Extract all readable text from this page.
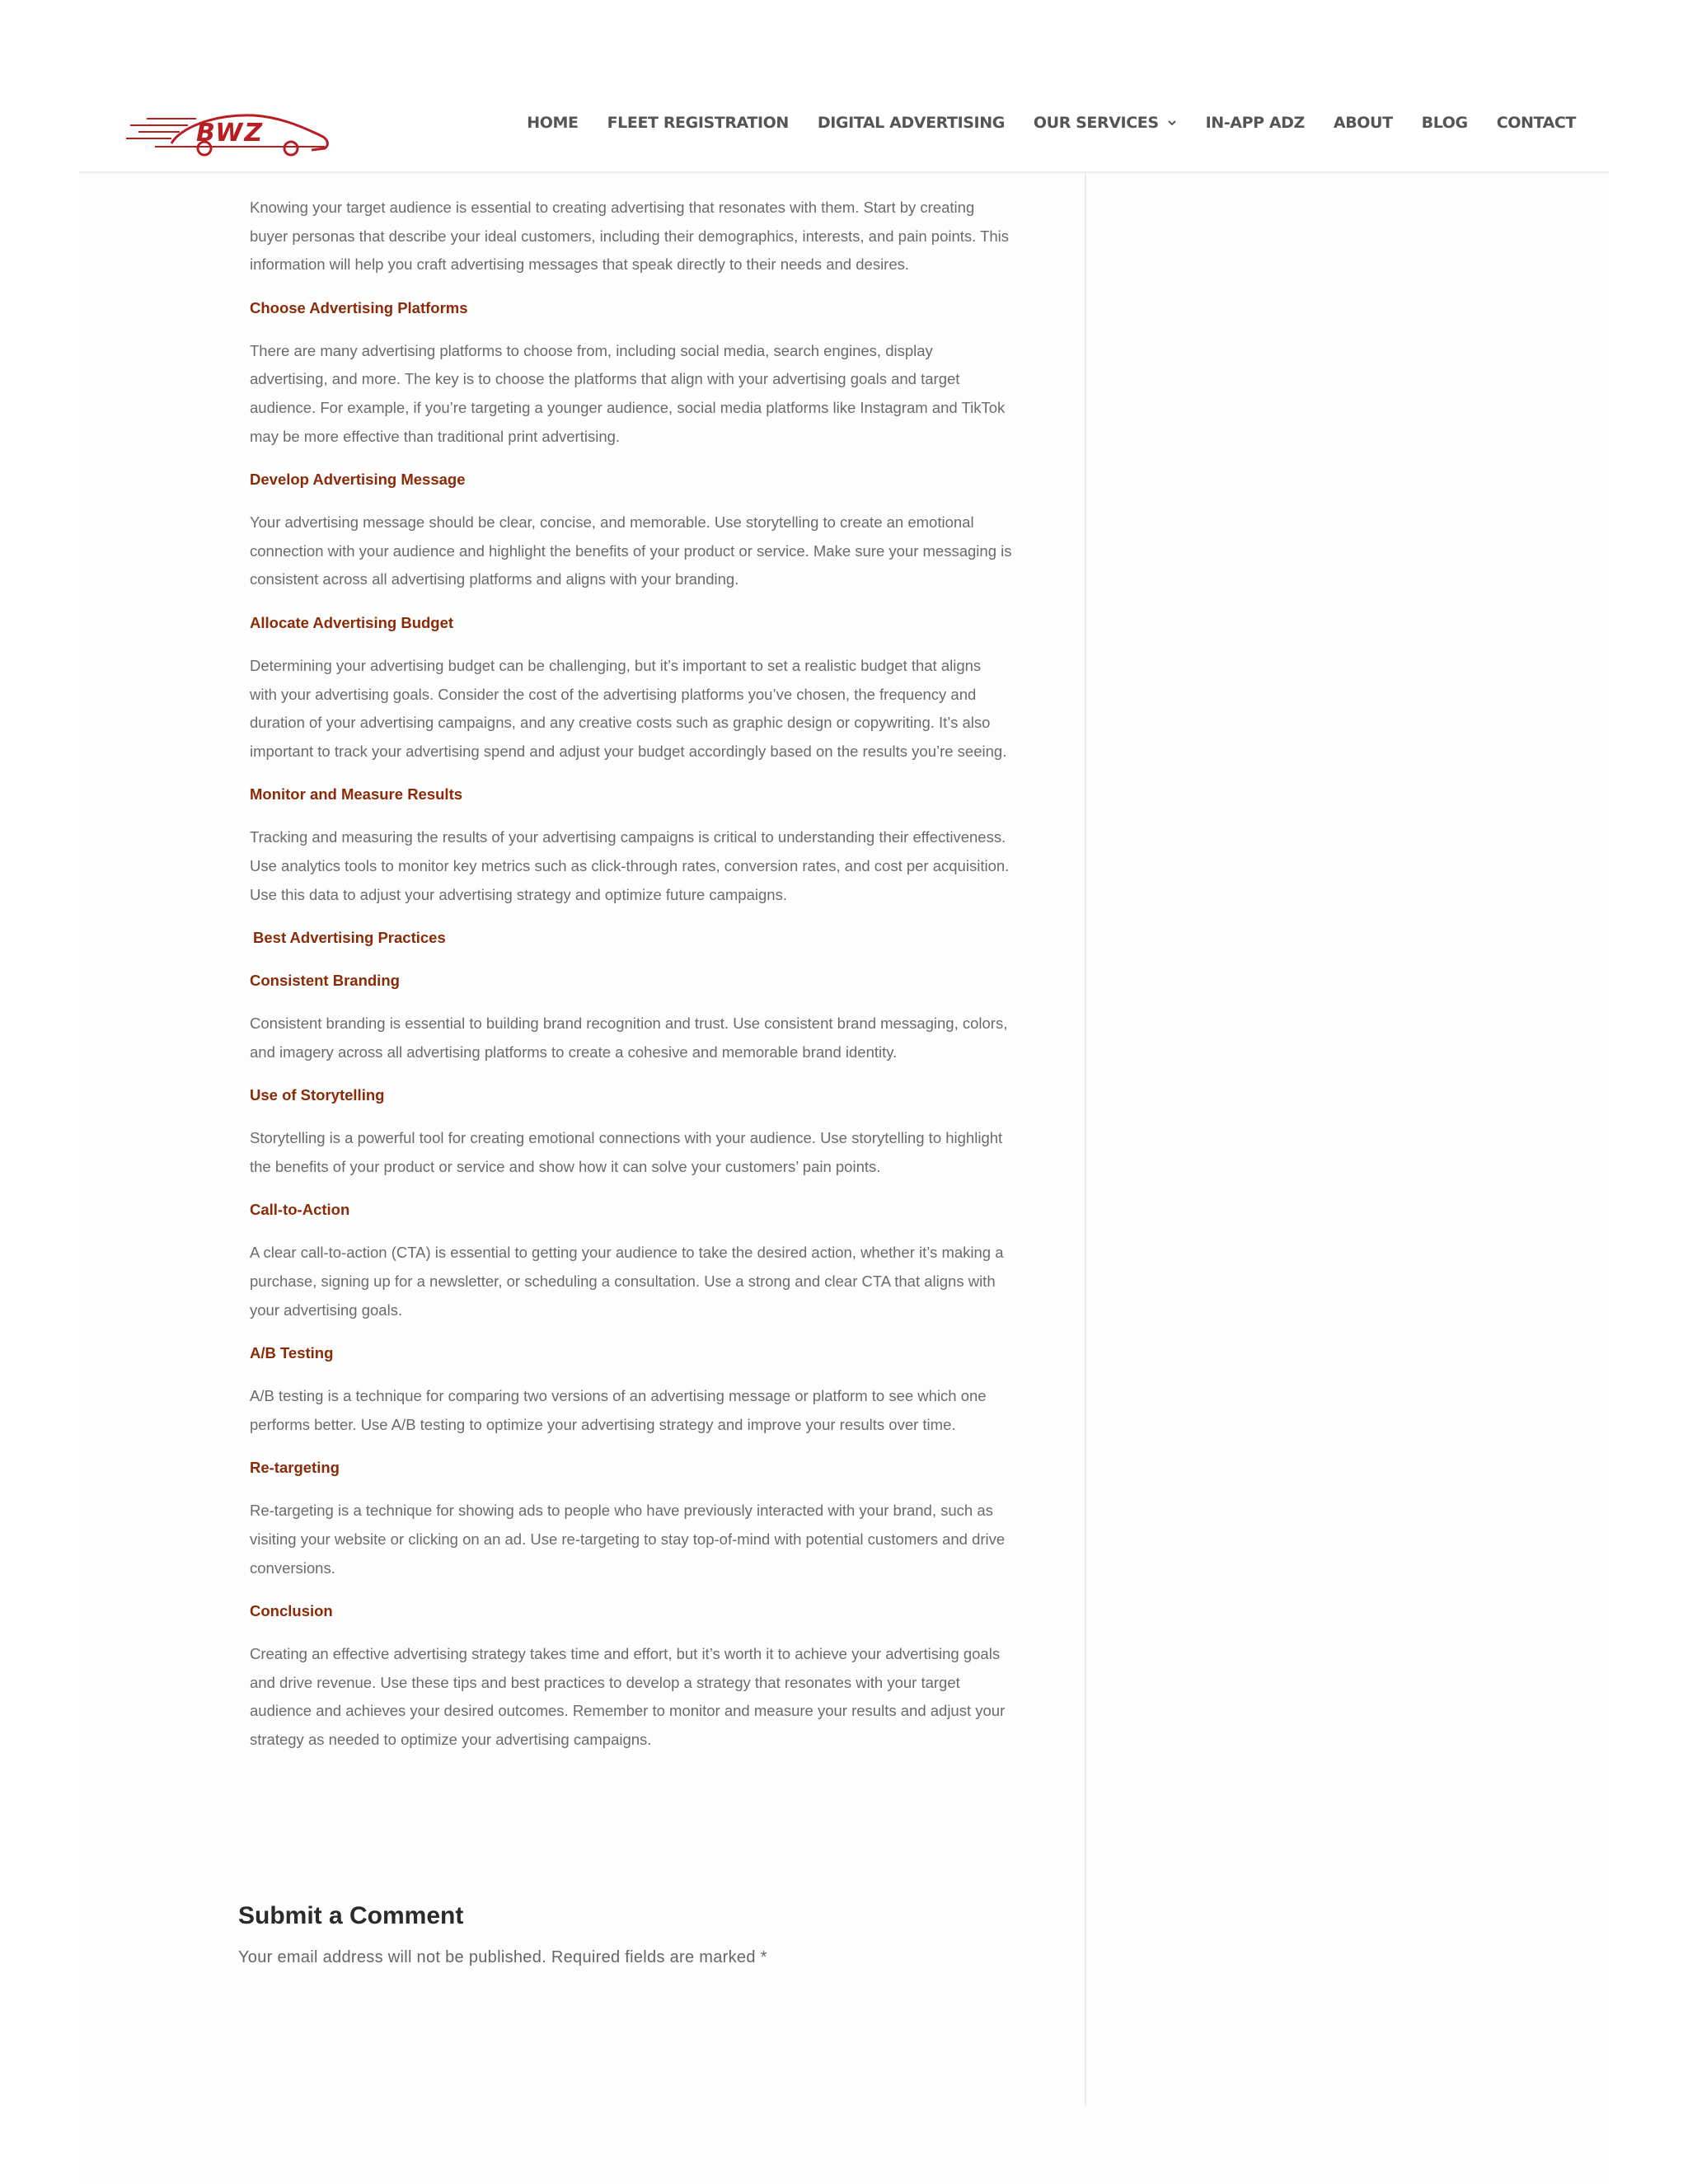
BWZ	HOME FLEET REGISTRATION DIGITAL ADVERTISING OUR SERVICES	IN-APP ADZ ABOUT BLOG CONTACT

Knowing your target audience is essential to creating advertising that resonates with them. Start by creating buyer personas that describe your ideal customers, including their demographics, interests, and pain points. This information will help you craft advertising messages that speak directly to their needs and desires.

Choose Advertising Platforms

There are many advertising platforms to choose from, including social media, search engines, display advertising, and more. The key is to choose the platforms that align with your advertising goals and target audience. For example, if you’re targeting a younger audience, social media platforms like Instagram and TikTok may be more effective than traditional print advertising.

Develop Advertising Message

Your advertising message should be clear, concise, and memorable. Use storytelling to create an emotional connection with your audience and highlight the benefits of your product or service. Make sure your messaging is consistent across all advertising platforms and aligns with your branding.

Allocate Advertising Budget

Determining your advertising budget can be challenging, but it’s important to set a realistic budget that aligns with your advertising goals. Consider the cost of the advertising platforms you’ve chosen, the frequency and duration of your advertising campaigns, and any creative costs such as graphic design or copywriting. It’s also important to track your advertising spend and adjust your budget accordingly based on the results you’re seeing.

Monitor and Measure Results

Tracking and measuring the results of your advertising campaigns is critical to understanding their effectiveness. Use analytics tools to monitor key metrics such as click-through rates, conversion rates, and cost per acquisition. Use this data to adjust your advertising strategy and optimize future campaigns.

Best Advertising Practices
Consistent Branding

Consistent branding is essential to building brand recognition and trust. Use consistent brand messaging, colors, and imagery across all advertising platforms to create a cohesive and memorable brand identity.

Use of Storytelling

Storytelling is a powerful tool for creating emotional connections with your audience. Use storytelling to highlight the benefits of your product or service and show how it can solve your customers’ pain points.

Call-to-Action

A clear call-to-action (CTA) is essential to getting your audience to take the desired action, whether it’s making a purchase, signing up for a newsletter, or scheduling a consultation. Use a strong and clear CTA that aligns with your advertising goals.

A/B Testing

A/B testing is a technique for comparing two versions of an advertising message or platform to see which one performs better. Use A/B testing to optimize your advertising strategy and improve your results over time.

Re-targeting

Re-targeting is a technique for showing ads to people who have previously interacted with your brand, such as visiting your website or clicking on an ad. Use re-targeting to stay top-of-mind with potential customers and drive conversions.

Conclusion

Creating an effective advertising strategy takes time and effort, but it’s worth it to achieve your advertising goals and drive revenue. Use these tips and best practices to develop a strategy that resonates with your target audience and achieves your desired outcomes. Remember to monitor and measure your results and adjust your strategy as needed to optimize your advertising campaigns.

Submit a Comment
Your email address will not be published. Required fields are marked *
